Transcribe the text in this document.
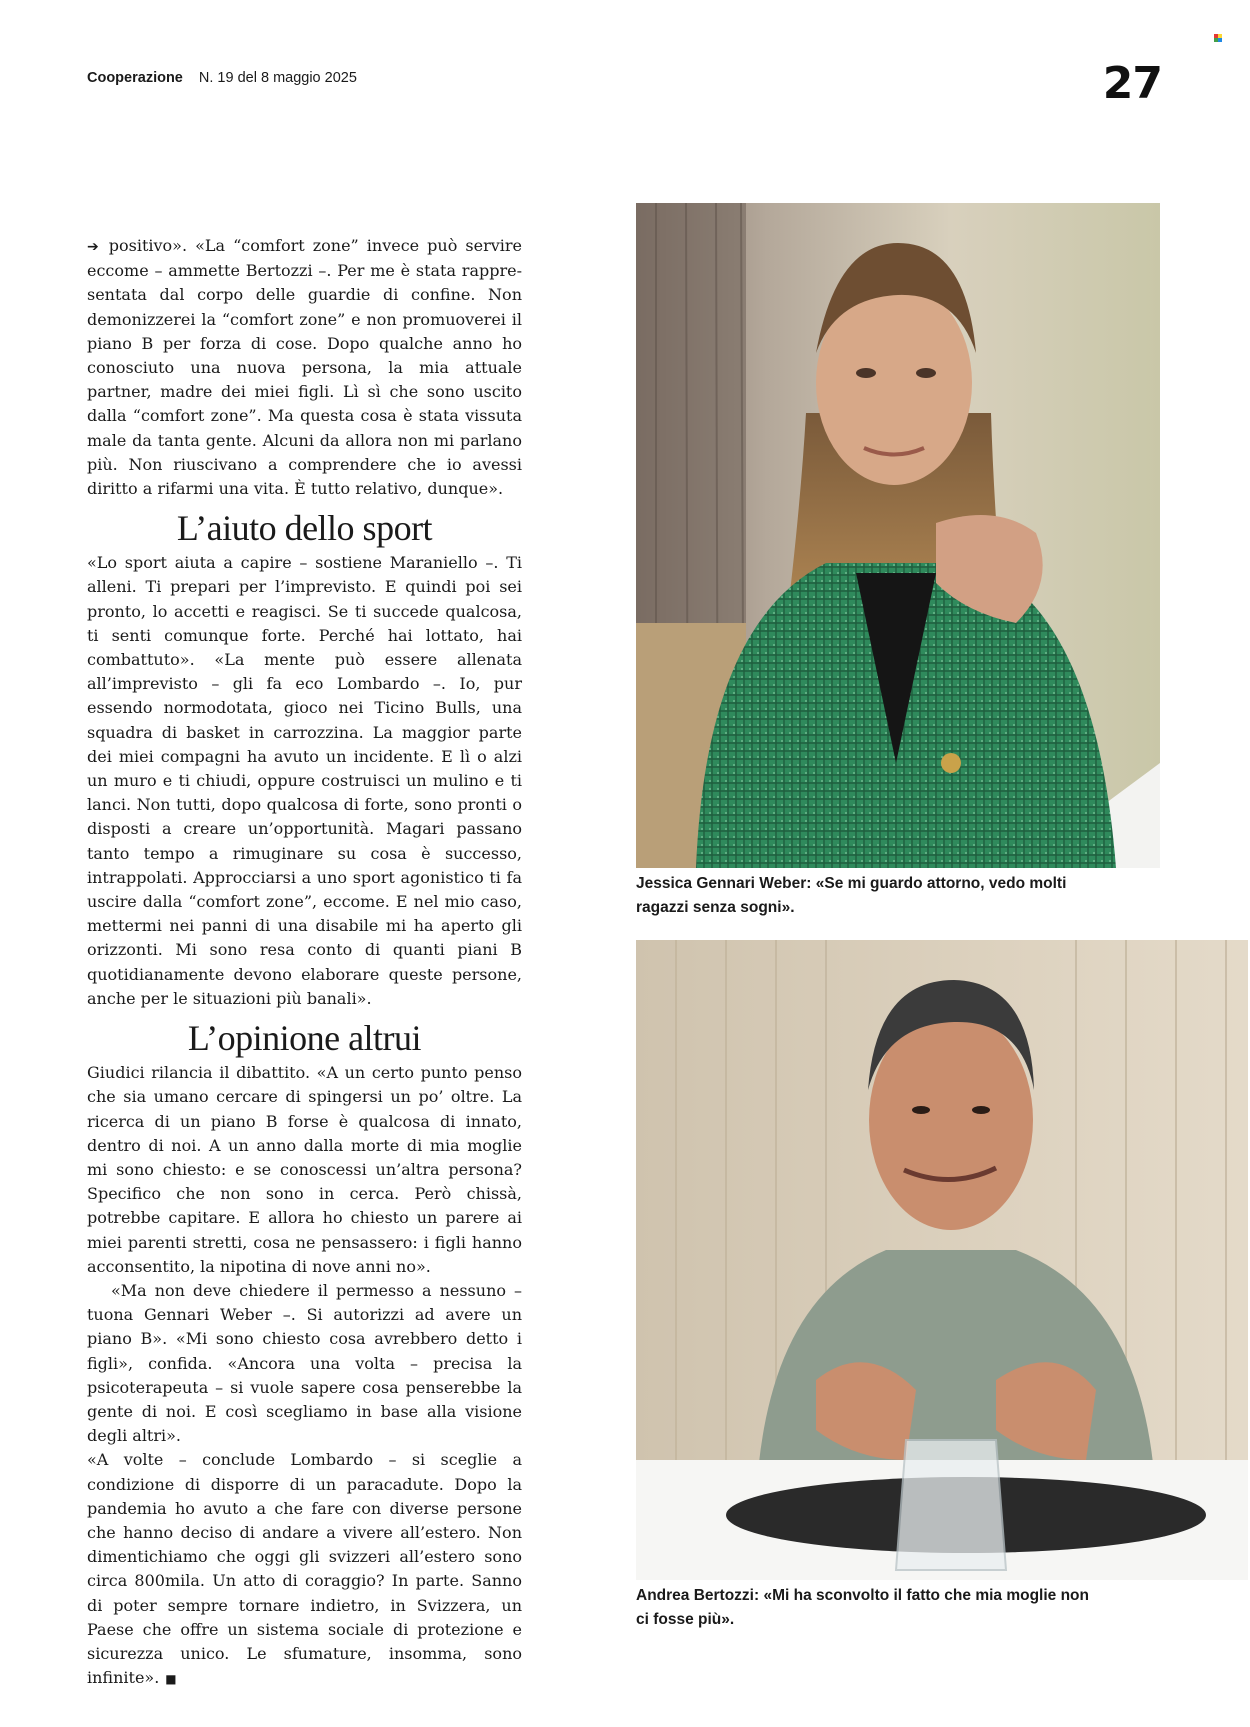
Cooperazione N. 19 del 8 maggio 2025	27

➔ positivo». «La “comfort zone” invece può servire eccome – ammette Bertozzi –. Per me è stata rappresentata dal corpo delle guardie di confine. Non demonizzerei la “comfort zone” e non promuoverei il piano B per forza di cose. Dopo qualche anno ho conosciuto una nuova persona, la mia attuale partner, madre dei miei figli. Lì sì che sono uscito dalla “comfort zone”. Ma questa cosa è stata vissuta male da tanta gente. Alcuni da allora non mi parlano più. Non riuscivano a comprendere che io avessi diritto a rifarmi una vita. È tutto relativo, dunque».

L’aiuto dello sport

«Lo sport aiuta a capire – sostiene Maraniello –. Ti alleni. Ti prepari per l’imprevisto. E quindi poi sei pronto, lo accetti e reagisci. Se ti succede qualcosa, ti senti comunque forte. Perché hai lottato, hai combattuto». «La mente può essere allenata all’imprevisto – gli fa eco Lombardo –. Io, pur essendo normodotata, gioco nei Ticino Bulls, una squadra di basket in carrozzina. La maggior parte dei miei compagni ha avuto un incidente. E lì o alzi un muro e ti chiudi, oppure costruisci un mulino e ti lanci. Non tutti, dopo qualcosa di forte, sono pronti o disposti a creare un’opportunità. Magari passano tanto tempo a rimuginare su cosa è successo, intrappolati. Approcciarsi a uno sport agonistico ti fa uscire dalla “comfort zone”, eccome. E nel mio caso, mettermi nei panni di una disabile mi ha aperto gli orizzonti. Mi sono resa conto di quanti piani B quotidianamente devono elaborare queste persone, anche per le situazioni più banali».

L’opinione altrui

Giudici rilancia il dibattito. «A un certo punto penso che sia umano cercare di spingersi un po’ oltre. La ricerca di un piano B forse è qualcosa di innato, dentro di noi. A un anno dalla morte di mia moglie mi sono chiesto: e se conoscessi un’altra persona? Specifico che non sono in cerca. Però chissà, potrebbe capitare. E allora ho chiesto un parere ai miei parenti stretti, cosa ne pensassero: i figli hanno acconsentito, la nipotina di nove anni no».

«Ma non deve chiedere il permesso a nessuno – tuona Gennari Weber –. Si autorizzi ad avere un piano B». «Mi sono chiesto cosa avrebbero detto i figli», confida. «Ancora una volta – precisa la psicoterapeuta – si vuole sapere cosa penserebbe la gente di noi. E così scegliamo in base alla visione degli altri».

«A volte – conclude Lombardo – si sceglie a condizione di disporre di un paracadute. Dopo la pandemia ho avuto a che fare con diverse persone che hanno deciso di andare a vivere all’estero. Non dimentichiamo che oggi gli svizzeri all’estero sono circa 800mila. Un atto di coraggio? In parte. Sanno di poter sempre tornare indietro, in Svizzera, un Paese che offre un sistema sociale di protezione e sicurezza unico. Le sfumature, insomma, sono infinite». ■

Jessica Gennari Weber: «Se mi guardo attorno, vedo molti ragazzi senza sogni».
Andrea Bertozzi: «Mi ha sconvolto il fatto che mia moglie non ci fosse più».
